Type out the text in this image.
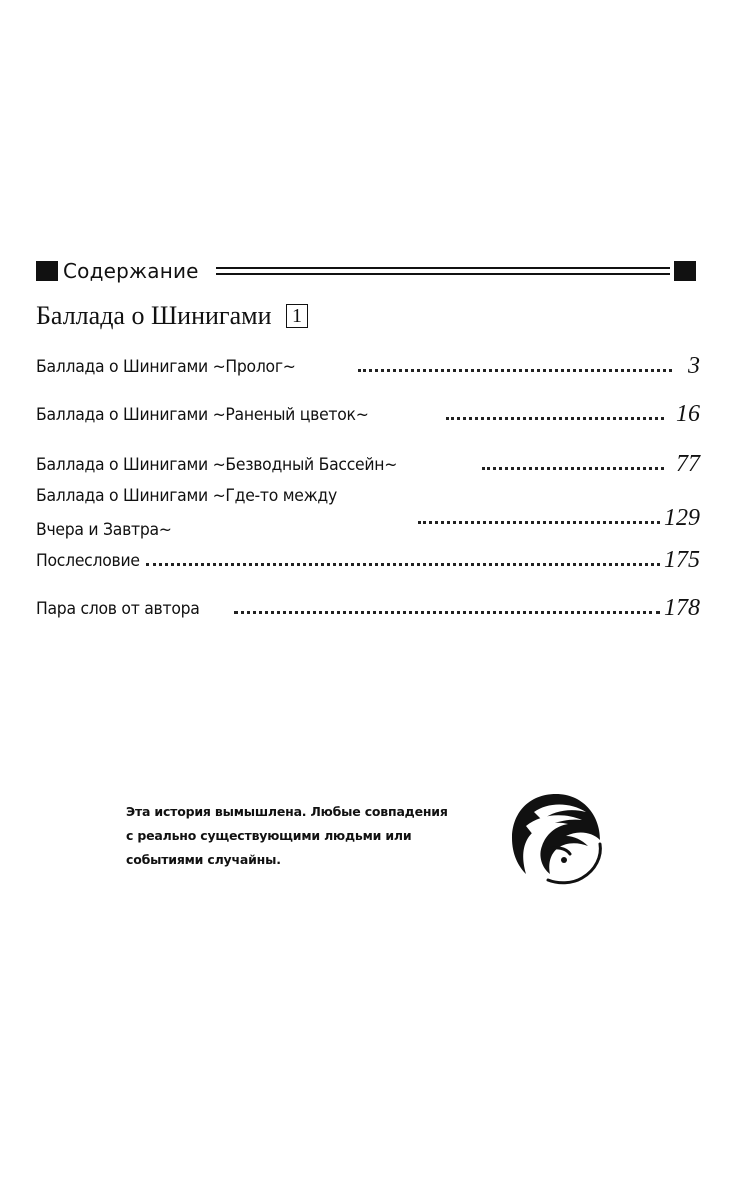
Содержание
Баллада о Шинигами 1
Баллада о Шинигами ~Пролог~	3
Баллада о Шинигами ~Раненый цветок~	16
Баллада о Шинигами ~Безводный Бассейн~	77
Баллада о Шинигами ~Где-то между
Вчера и Завтра~	129
Послесловие	175
Пара слов от автора	178
Эта история вымышлена. Любые совпадения
с реально существующими людьми или
событиями случайны.
